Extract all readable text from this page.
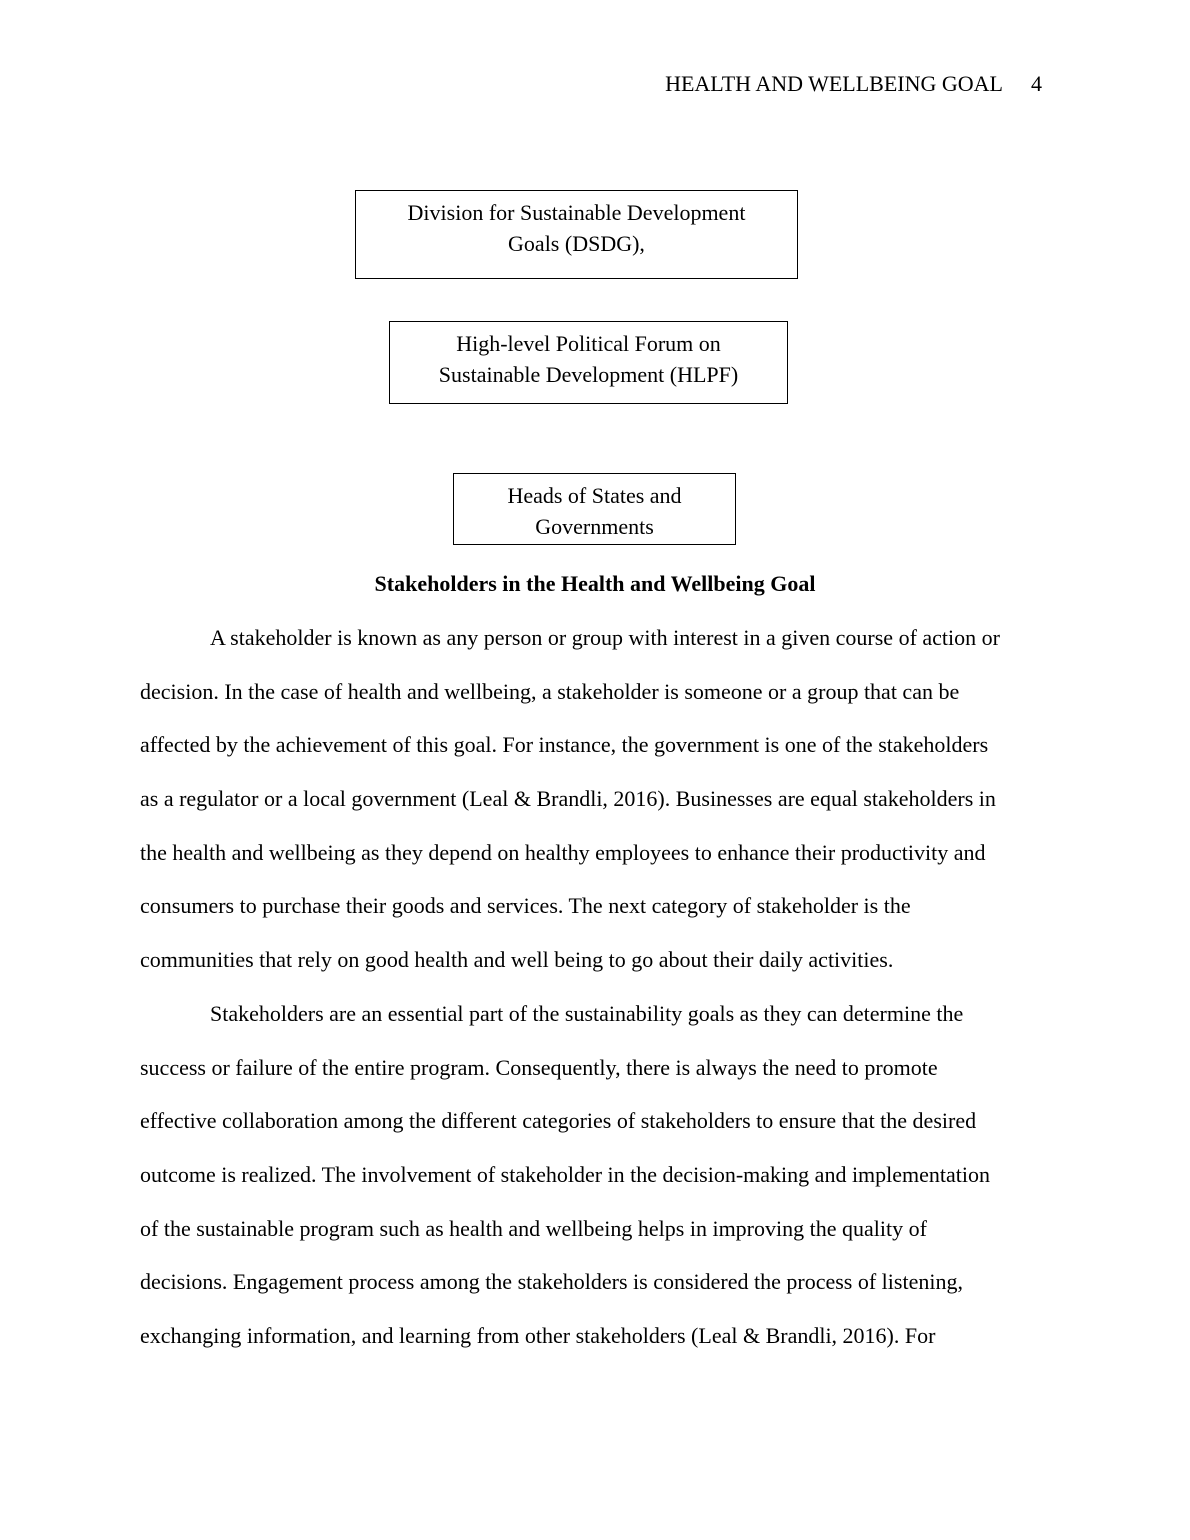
HEALTH AND WELLBEING GOAL 4
Division for Sustainable Development
Goals (DSDG),
High-level Political Forum on
Sustainable Development (HLPF)
Heads of States and
Governments
Stakeholders in the Health and Wellbeing Goal
A stakeholder is known as any person or group with interest in a given course of action or
decision. In the case of health and wellbeing, a stakeholder is someone or a group that can be
affected by the achievement of this goal. For instance, the government is one of the stakeholders
as a regulator or a local government (Leal & Brandli, 2016). Businesses are equal stakeholders in
the health and wellbeing as they depend on healthy employees to enhance their productivity and
consumers to purchase their goods and services. The next category of stakeholder is the
communities that rely on good health and well being to go about their daily activities.
Stakeholders are an essential part of the sustainability goals as they can determine the
success or failure of the entire program. Consequently, there is always the need to promote
effective collaboration among the different categories of stakeholders to ensure that the desired
outcome is realized. The involvement of stakeholder in the decision-making and implementation
of the sustainable program such as health and wellbeing helps in improving the quality of
decisions. Engagement process among the stakeholders is considered the process of listening,
exchanging information, and learning from other stakeholders (Leal & Brandli, 2016). For
